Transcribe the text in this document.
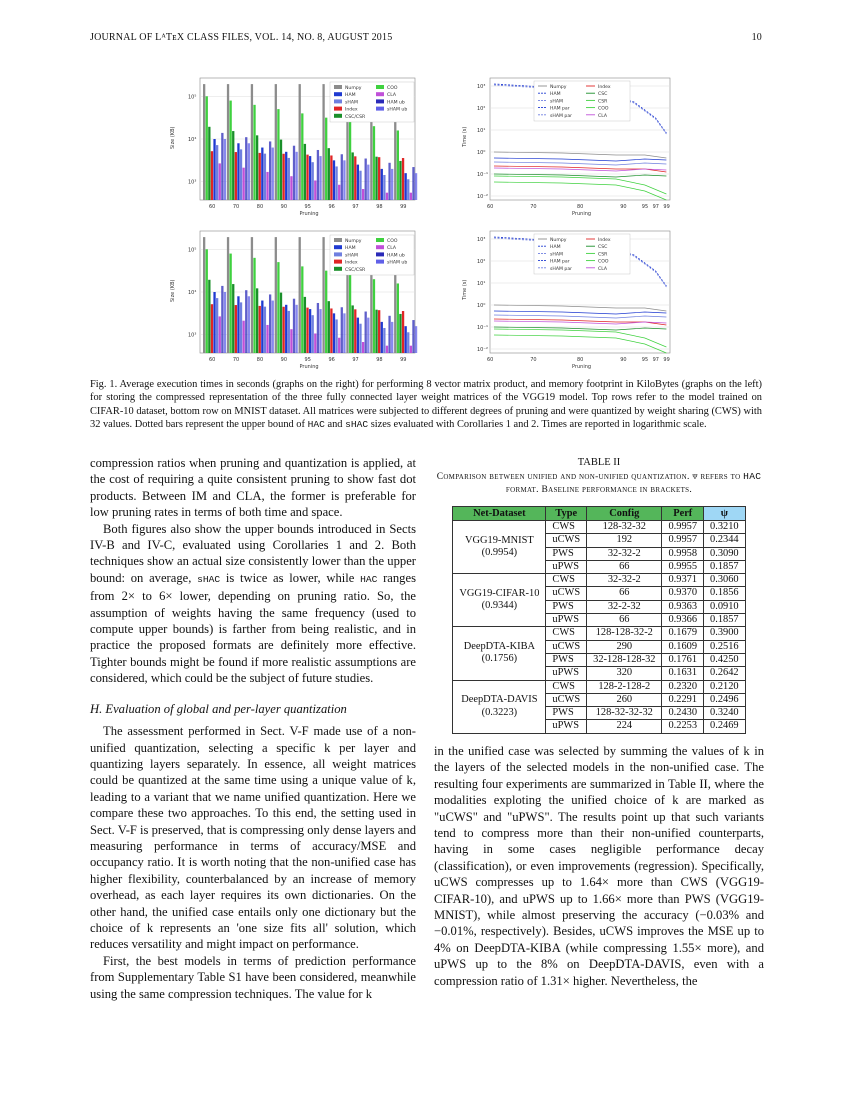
JOURNAL OF LᴬTᴇX CLASS FILES, VOL. 14, NO. 8, AUGUST 2015	10
10⁵
10⁴
10³
60	70	80	90	95	96	97	98	99
Pruning
Size (KB)
Numpy
HAM
sHAM
Index
CSC/CSR
COO
CLA
HAM ub
sHAM ub
10⁵
10⁴
10³
60	70	80	90	95	96	97	98	99
Pruning
Size (KB)
Numpy
HAM
sHAM
Index
CSC/CSR
COO
CLA
HAM ub
sHAM ub
10³
10²
10¹
10⁰
10⁻¹
10⁻²
60	70	80	90	95 97 99
Pruning
Time (s)
Numpy
HAM
sHAM
HAM par
sHAM par
Index
CSC
CSR
COO
CLA
10³
10²
10¹
10⁰
10⁻¹
10⁻²
60	70	80	90	95 97 99
Pruning
Time (s)
Numpy
HAM
sHAM
HAM par
sHAM par
Index
CSC
CSR
COO
CLA
Fig. 1. Average execution times in seconds (graphs on the right) for performing 8 vector matrix product, and memory footprint in KiloBytes (graphs on the left) for storing the compressed representation of the three fully connected layer weight matrices of the VGG19 model. Top rows refer to the model trained on CIFAR-10 dataset, bottom row on MNIST dataset. All matrices were subjected to different degrees of pruning and were quantized by weight sharing (CWS) with 32 values. Dotted bars represent the upper bound of HAC and sHAC sizes evaluated with Corollaries 1 and 2. Times are reported in logarithmic scale.

compression ratios when pruning and quantization is applied, at the cost of requiring a quite consistent pruning to show fast dot products. Between IM and CLA, the former is preferable for low pruning rates in terms of both time and space.

Both figures also show the upper bounds introduced in Sects IV-B and IV-C, evaluated using Corollaries 1 and 2. Both techniques show an actual size consistently lower than the upper bound: on average, sHAC is twice as lower, while HAC ranges from 2× to 6× lower, depending on pruning ratio. So, the assumption of weights having the same frequency (used to compute upper bounds) is farther from being realistic, and in practice the proposed formats are definitely more effective. Tighter bounds might be found if more realistic assumptions are considered, which could be the subject of future studies.

H. Evaluation of global and per-layer quantization

The assessment performed in Sect. V-F made use of a non-unified quantization, selecting a specific k per layer and quantizing layers separately. In essence, all weight matrices could be quantized at the same time using a unique value of k, leading to a variant that we name unified quantization. Here we compare these two approaches. To this end, the setting used in Sect. V-F is preserved, that is compressing only dense layers and measuring performance in terms of accuracy/MSE and occupancy ratio. It is worth noting that the non-unified case has higher flexibility, counterbalanced by an increase of memory overhead, as each layer requires its own dictionaries. On the other hand, the unified case entails only one dictionary but the choice of k represents an 'one size fits all' solution, which reduces versatility and might impact on performance.

First, the best models in terms of prediction performance from Supplementary Table S1 have been considered, meanwhile using the same compression techniques. The value for k

TABLE II
Comparison between unified and non-unified quantization. ψ refers to HAC format. Baseline performance in brackets.
Net-Dataset	Type	Config	Perf	ψ

VGG19-MNIST
(0.9954)	CWS	128-32-32	0.9957	0.3210
	uCWS	192	0.9957	0.2344
	PWS	32-32-2	0.9958	0.3090
	uPWS	66	0.9955	0.1857

VGG19-CIFAR-10
(0.9344)	CWS	32-32-2	0.9371	0.3060
	uCWS	66	0.9370	0.1856
	PWS	32-2-32	0.9363	0.0910
	uPWS	66	0.9366	0.1857

DeepDTA-KIBA
(0.1756)	CWS	128-128-32-2	0.1679	0.3900
	uCWS	290	0.1609	0.2516
	PWS	32-128-128-32	0.1761	0.4250
	uPWS	320	0.1631	0.2642

DeepDTA-DAVIS
(0.3223)	CWS	128-2-128-2	0.2320	0.2120
	uCWS	260	0.2291	0.2496
	PWS	128-32-32-32	0.2430	0.3240
	uPWS	224	0.2253	0.2469

in the unified case was selected by summing the values of k in the layers of the selected models in the non-unified case. The resulting four experiments are summarized in Table II, where the modalities exploting the unified choice of k are marked as "uCWS" and "uPWS". The results point up that such variants tend to compress more than their non-unified counterparts, having in some cases negligible performance decay (classification), or even improvements (regression). Specifically, uCWS compresses up to 1.64× more than CWS (VGG19-CIFAR-10), and uPWS up to 1.66× more than PWS (VGG19-MNIST), while almost preserving the accuracy (−0.03% and −0.01%, respectively). Besides, uCWS improves the MSE up to 4% on DeepDTA-KIBA (while compressing 1.55× more), and uPWS up to the 8% on DeepDTA-DAVIS, even with a compression ratio of 1.31× higher. Nevertheless, the
